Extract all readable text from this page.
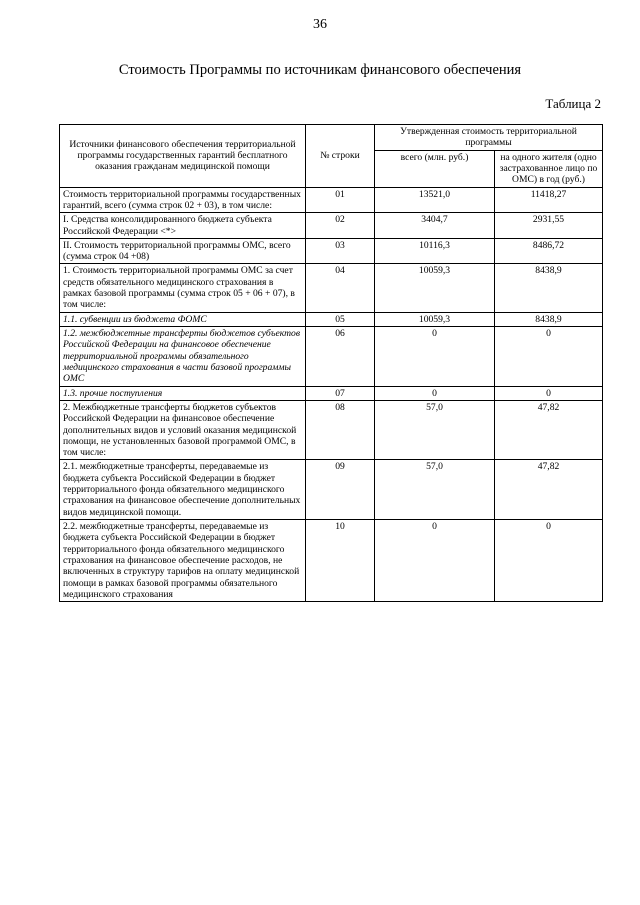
36
Стоимость Программы по источникам финансового обеспечения
Таблица 2
Источники финансового обеспечения территориальной программы государственных гарантий бесплатного оказания гражданам медицинской помощи	№ строки	Утвержденная стоимость территориальной программы	
		всего (млн. руб.)	на одного жителя (одно застрахованное лицо по ОМС) в год (руб.)
Стоимость территориальной программы государственных гарантий, всего (сумма строк 02 + 03), в том числе:	01	13521,0	11418,27
I. Средства консолидированного бюджета субъекта Российской Федерации <*>	02	3404,7	2931,55
II. Стоимость территориальной программы ОМС, всего (сумма строк 04 +08)	03	10116,3	8486,72
1. Стоимость территориальной программы ОМС за счет средств обязательного медицинского страхования в рамках базовой программы (сумма строк 05 + 06 + 07), в том числе:	04	10059,3	8438,9
1.1. субвенции из бюджета ФОМС	05	10059,3	8438,9
1.2. межбюджетные трансферты бюджетов субъектов Российской Федерации на финансовое обеспечение территориальной программы обязательного медицинского страхования в части базовой программы ОМС	06	0	0
1.3. прочие поступления	07	0	0
2. Межбюджетные трансферты бюджетов субъектов Российской Федерации на финансовое обеспечение дополнительных видов и условий оказания медицинской помощи, не установленных базовой программой ОМС, в том числе:	08	57,0	47,82
2.1. межбюджетные трансферты, передаваемые из бюджета субъекта Российской Федерации в бюджет территориального фонда обязательного медицинского страхования на финансовое обеспечение дополнительных видов медицинской помощи.	09	57,0	47,82
2.2. межбюджетные трансферты, передаваемые из бюджета субъекта Российской Федерации в бюджет территориального фонда обязательного медицинского страхования на финансовое обеспечение расходов, не включенных в структуру тарифов на оплату медицинской помощи в рамках базовой программы обязательного медицинского страхования	10	0	0
